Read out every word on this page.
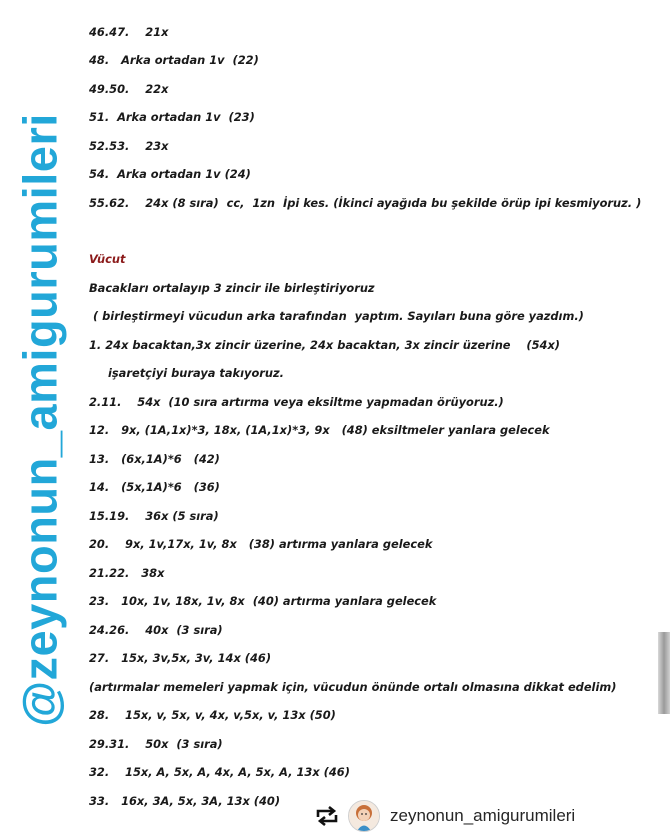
@zeynonun_amigurumileri
46.47.    21x
48.   Arka ortadan 1v  (22)
49.50.    22x
51.  Arka ortadan 1v  (23)
52.53.    23x
54.  Arka ortadan 1v (24)
55.62.    24x (8 sıra)  cc,  1zn  İpi kes. (İkinci ayağıda bu şekilde örüp ipi kesmiyoruz. )
Vücut
Bacakları ortalayıp 3 zincir ile birleştiriyoruz
( birleştirmeyi vücudun arka tarafından  yaptım. Sayıları buna göre yazdım.)
1. 24x bacaktan,3x zincir üzerine, 24x bacaktan, 3x zincir üzerine    (54x)
işaretçiyi buraya takıyoruz.
2.11.    54x  (10 sıra artırma veya eksiltme yapmadan örüyoruz.)
12.   9x, (1A,1x)*3, 18x, (1A,1x)*3, 9x   (48) eksiltmeler yanlara gelecek
13.   (6x,1A)*6   (42)
14.   (5x,1A)*6   (36)
15.19.    36x (5 sıra)
20.    9x, 1v,17x, 1v, 8x   (38) artırma yanlara gelecek
21.22.   38x
23.   10x, 1v, 18x, 1v, 8x  (40) artırma yanlara gelecek
24.26.    40x  (3 sıra)
27.   15x, 3v,5x, 3v, 14x (46)
(artırmalar memeleri yapmak için, vücudun önünde ortalı olmasına dikkat edelim)
28.    15x, v, 5x, v, 4x, v,5x, v, 13x (50)
29.31.    50x  (3 sıra)
32.    15x, A, 5x, A, 4x, A, 5x, A, 13x (46)
33.   16x, 3A, 5x, 3A, 13x (40)
zeynonun_amigurumileri
